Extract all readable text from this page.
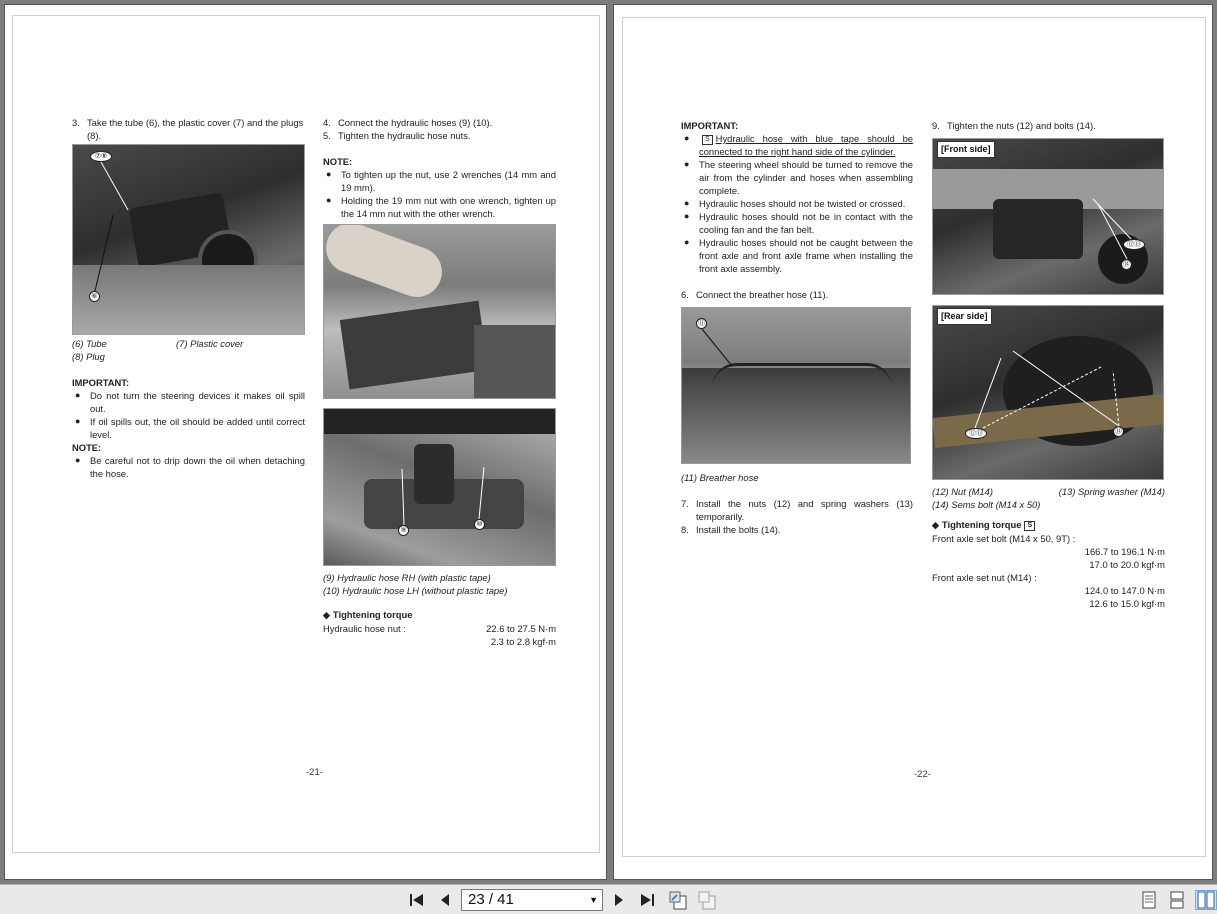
3. Take the tube (6), the plastic cover (7) and the plugs (8).
⑦⑧
⑥
(6) Tube	(7) Plastic cover

(8) Plug

IMPORTANT:

●	Do not turn the steering devices it makes oil spill out.
●	If oil spills out, the oil should be added until correct level.

NOTE:

●	Be careful not to drip down the oil when detaching the hose.
4. Connect the hydraulic hoses (9) (10).
5. Tighten the hydraulic hose nuts.

NOTE:

●	To tighten up the nut, use 2 wrenches (14 mm and 19 mm).
●	Holding the 19 mm nut with one wrench, tighten up the 14 mm nut with the other wrench.
⑨
⑩

(9) Hydraulic hose RH (with plastic tape)

(10) Hydraulic hose LH (without plastic tape)

◆ Tightening torque

Hydraulic hose nut :	22.6 to 27.5 N·m

2.3 to 2.8 kgf·m

-21-

IMPORTANT:

●	S Hydraulic hose with blue tape should be connected to the right hand side of the cylinder.
●	The steering wheel should be turned to remove the air from the cylinder and hoses when assembling complete.
●	Hydraulic hoses should not be twisted or crossed.
●	Hydraulic hoses should not be in contact with the cooling fan and the fan belt.
●	Hydraulic hoses should not be caught between the front axle and front axle frame when installing the front axle assembly.
6. Connect the breather hose (11).
⑪

(11) Breather hose

7. Install the nuts (12) and spring washers (13) temporarily.
8. Install the bolts (14).
9. Tighten the nuts (12) and bolts (14).
[Front side]
⑫⑬
⑭
[Rear side]
⑫⑬	⑭
(12) Nut (M14)	(13) Spring washer (M14)

(14) Sems bolt (M14 x 50)

◆ Tightening torque S

Front axle set bolt (M14 x 50, 9T) :

166.7 to 196.1 N·m

17.0 to 20.0 kgf·m

Front axle set nut (M14) :

124.0 to 147.0 N·m

12.6 to 15.0 kgf·m

-22-
23 / 41	▼
